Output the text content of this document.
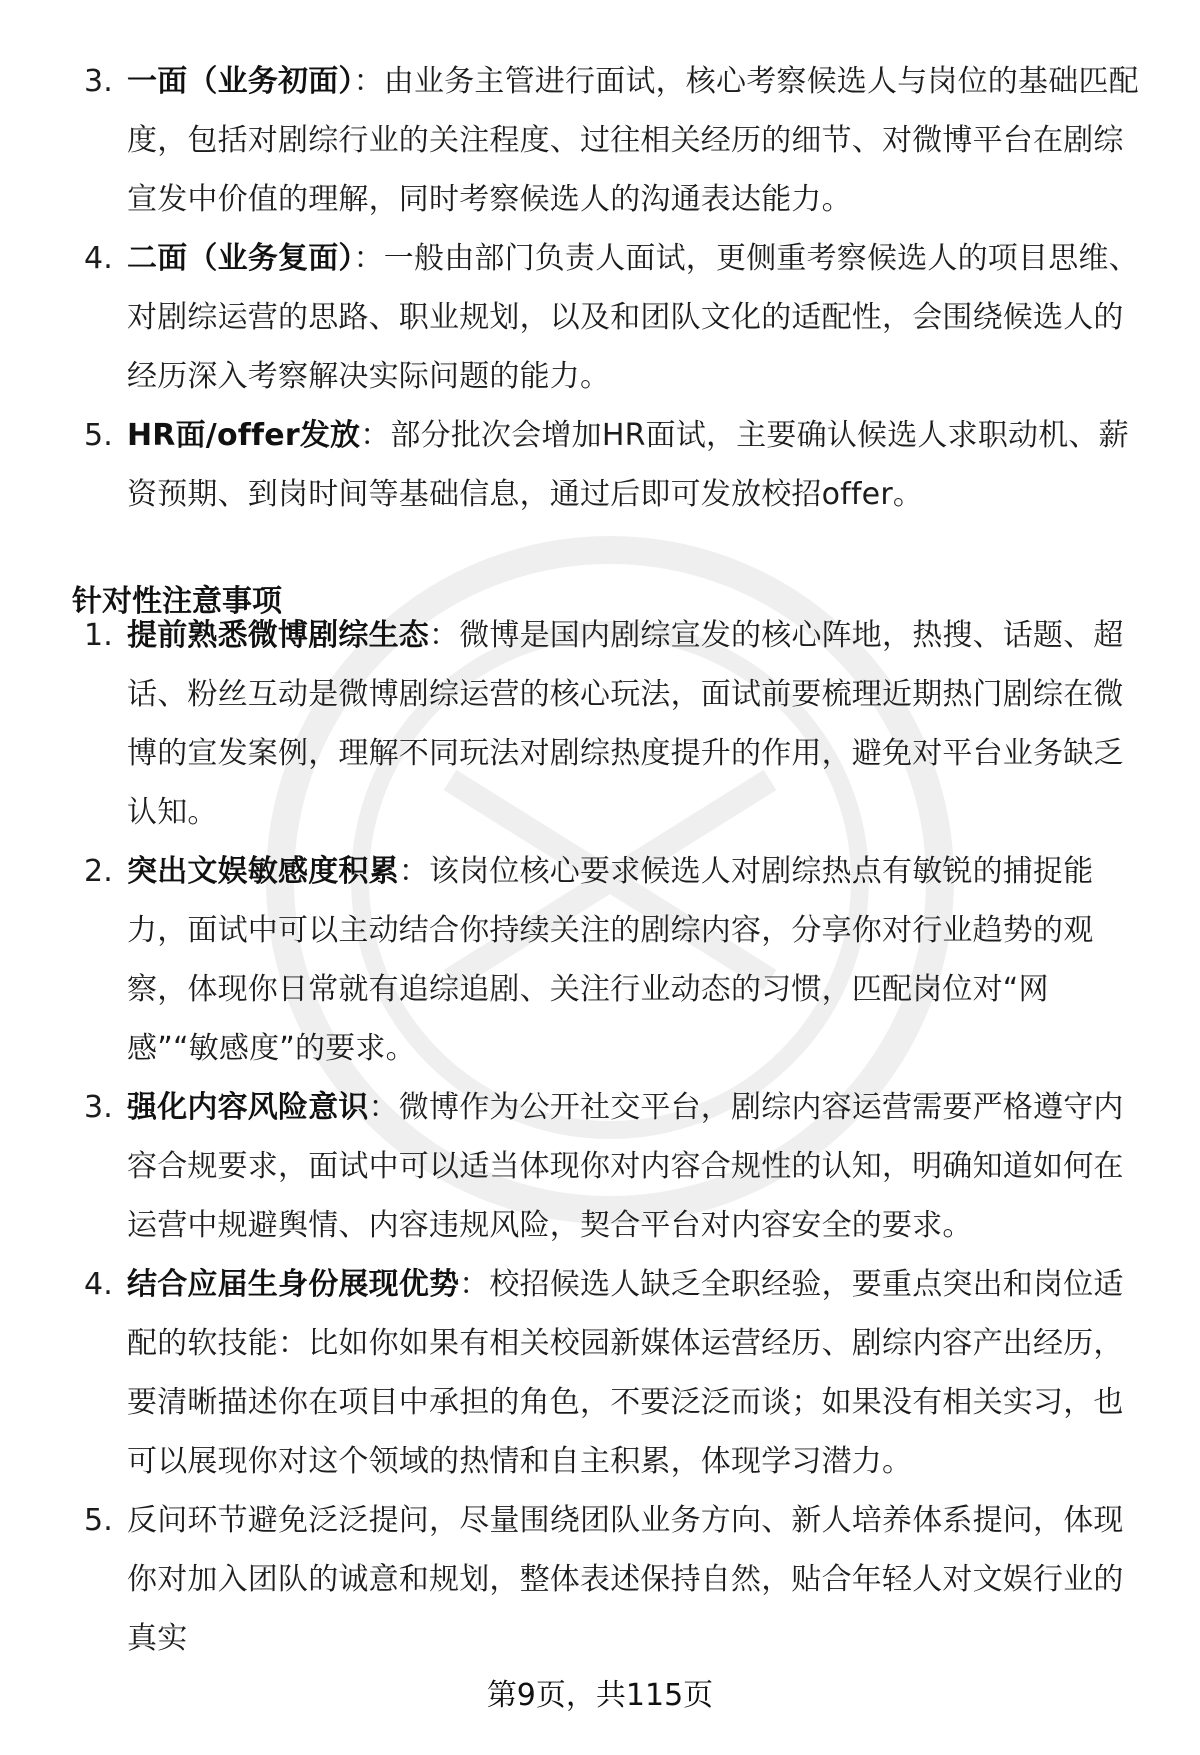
3. 一面（业务初面）：由业务主管进行面试，核心考察候选人与岗位的基础匹配度，包括对剧综行业的关注程度、过往相关经历的细节、对微博平台在剧综宣发中价值的理解，同时考察候选人的沟通表达能力。
4. 二面（业务复面）：一般由部门负责人面试，更侧重考察候选人的项目思维、对剧综运营的思路、职业规划，以及和团队文化的适配性，会围绕候选人的经历深入考察解决实际问题的能力。
5. HR面/offer发放：部分批次会增加HR面试，主要确认候选人求职动机、薪资预期、到岗时间等基础信息，通过后即可发放校招offer。
针对性注意事项
1. 提前熟悉微博剧综生态：微博是国内剧综宣发的核心阵地，热搜、话题、超话、粉丝互动是微博剧综运营的核心玩法，面试前要梳理近期热门剧综在微博的宣发案例，理解不同玩法对剧综热度提升的作用，避免对平台业务缺乏认知。
2. 突出文娱敏感度积累：该岗位核心要求候选人对剧综热点有敏锐的捕捉能力，面试中可以主动结合你持续关注的剧综内容，分享你对行业趋势的观察，体现你日常就有追综追剧、关注行业动态的习惯，匹配岗位对“网感”“敏感度”的要求。
3. 强化内容风险意识：微博作为公开社交平台，剧综内容运营需要严格遵守内容合规要求，面试中可以适当体现你对内容合规性的认知，明确知道如何在运营中规避舆情、内容违规风险，契合平台对内容安全的要求。
4. 结合应届生身份展现优势：校招候选人缺乏全职经验，要重点突出和岗位适配的软技能：比如你如果有相关校园新媒体运营经历、剧综内容产出经历，要清晰描述你在项目中承担的角色，不要泛泛而谈；如果没有相关实习，也可以展现你对这个领域的热情和自主积累，体现学习潜力。
5. 反问环节避免泛泛提问，尽量围绕团队业务方向、新人培养体系提问，体现你对加入团队的诚意和规划，整体表述保持自然，贴合年轻人对文娱行业的真实
第9页，共115页
